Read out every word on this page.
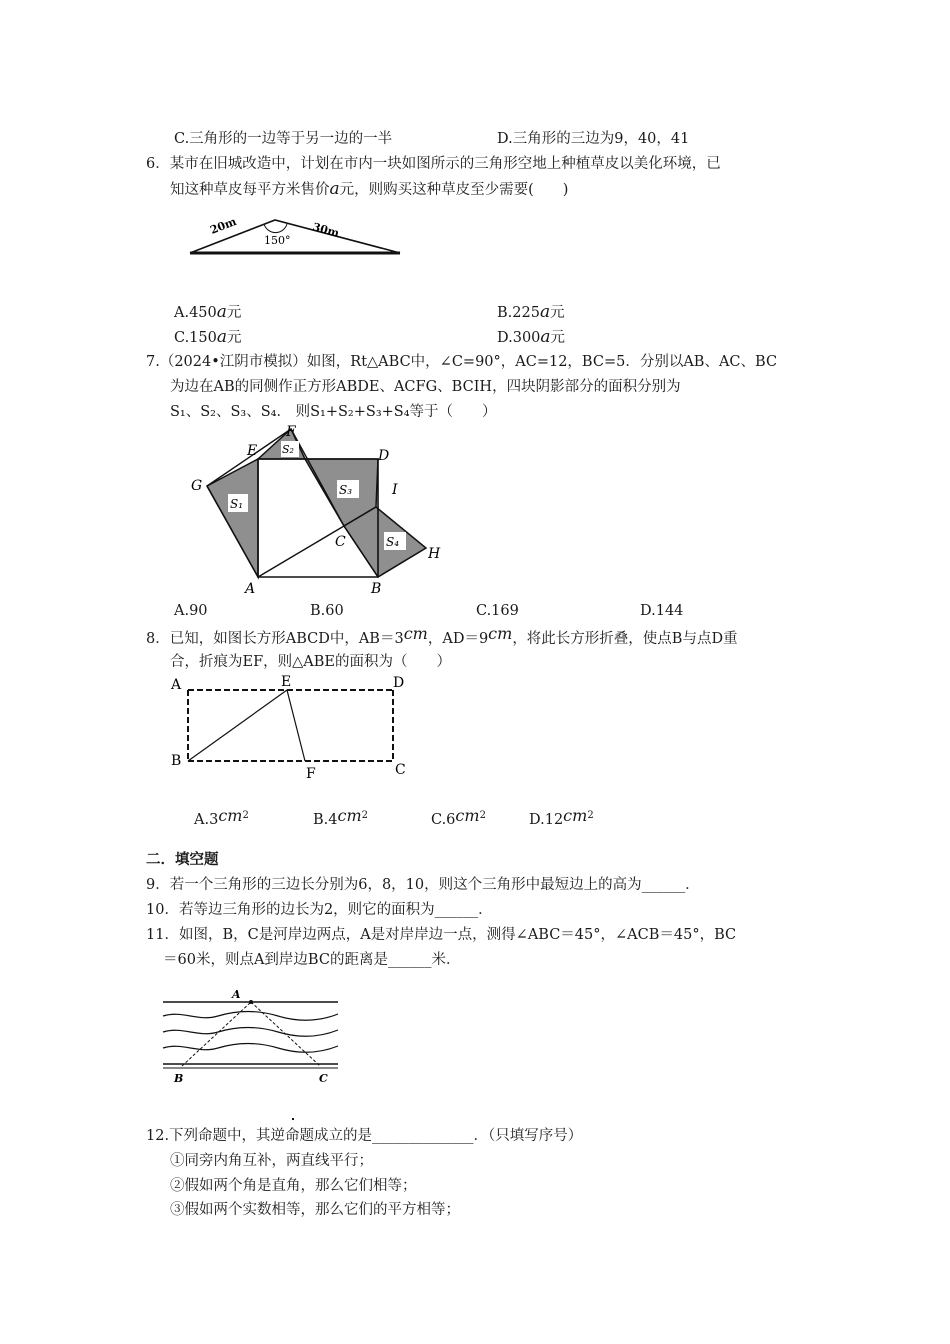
C.三角形的一边等于另一边的一半	D.三角形的三边为9，40，41
6．某市在旧城改造中，计划在市内一块如图所示的三角形空地上种植草皮以美化环境，已
知这种草皮每平方米售价a元，则购买这种草皮至少需要(　　)
20m	30m
150°
A.450a元	B.225a元
C.150a元	D.300a元
7.（2024•江阴市模拟）如图，Rt△ABC中，∠C=90°，AC=12，BC=5．分别以AB、AC、BC
为边在AB的同侧作正方形ABDE、ACFG、BCIH，四块阴影部分的面积分别为
S₁、S₂、S₃、S₄． 则S₁+S₂+S₃+S₄等于（　　）
S₁
S₂
S₃
S₄
E
F
D
G	I
C
H
A	B
A.90	B.60	C.169	D.144
8．已知，如图长方形ABCD中，AB＝3cm，AD＝9cm，将此长方形折叠，使点B与点D重
合，折痕为EF，则△ABE的面积为（　　）
A	E	D
B
F	C
$A.3cm^2$	$B.4cm^2$	$C.6cm^2$	$D.12cm^2$
二．填空题
9．若一个三角形的三边长分别为6，8，10，则这个三角形中最短边上的高为______．
10．若等边三角形的边长为2，则它的面积为______．
11．如图，B，C是河岸边两点，A是对岸岸边一点，测得∠ABC＝45°，∠ACB＝45°，BC
＝60米，则点A到岸边BC的距离是______米．
A
B	C
12.下列命题中，其逆命题成立的是______________．（只填写序号）
①同旁内角互补，两直线平行；
②假如两个角是直角，那么它们相等；
③假如两个实数相等，那么它们的平方相等；
